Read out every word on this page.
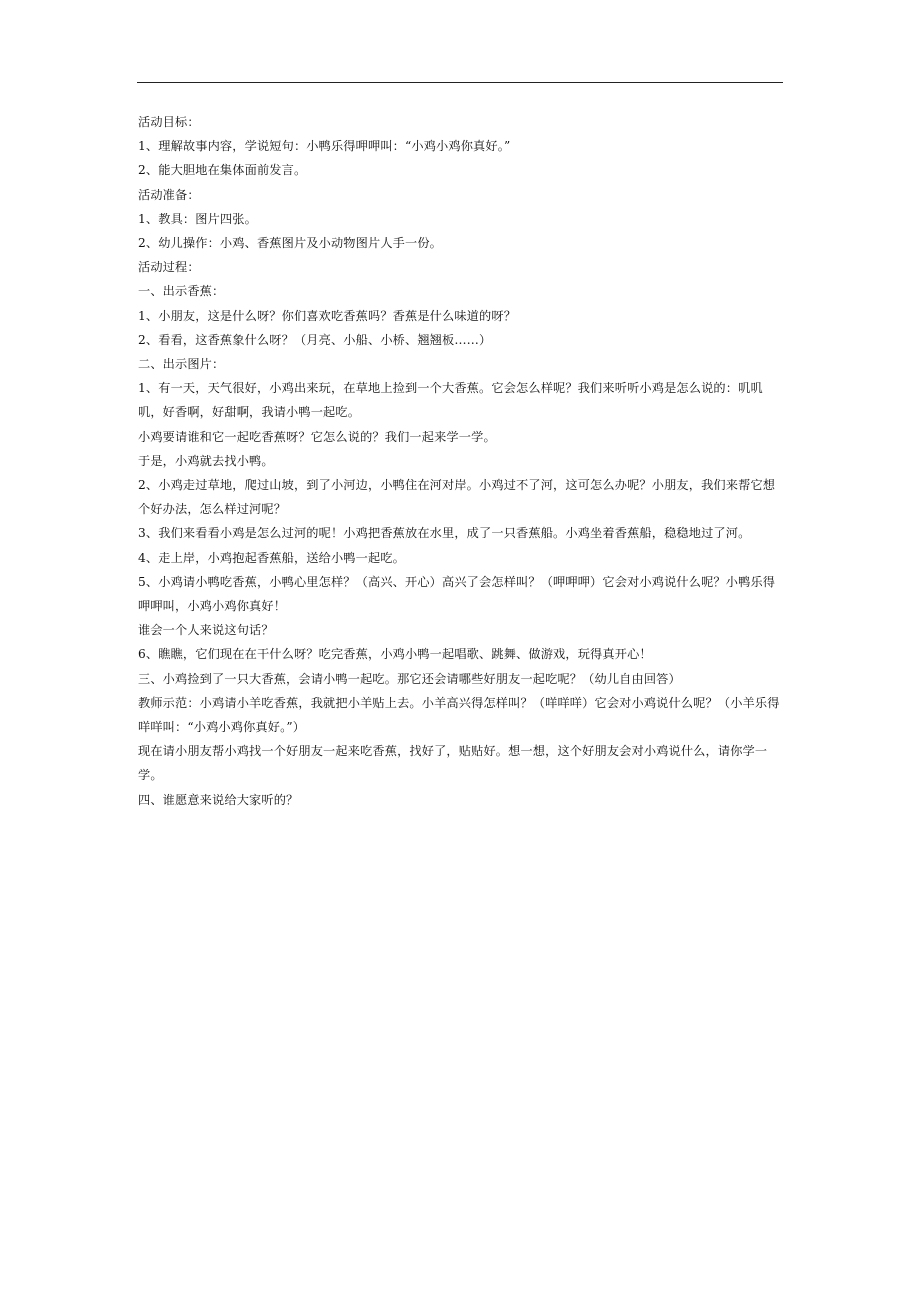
活动目标：

1、理解故事内容，学说短句：小鸭乐得呷呷叫：“小鸡小鸡你真好。”

2、能大胆地在集体面前发言。

活动准备：

1、教具：图片四张。

2、幼儿操作：小鸡、香蕉图片及小动物图片人手一份。

活动过程：

一、出示香蕉：

1、小朋友，这是什么呀？你们喜欢吃香蕉吗？香蕉是什么味道的呀？

2、看看，这香蕉象什么呀？（月亮、小船、小桥、翘翘板……）

二、出示图片：

1、有一天，天气很好，小鸡出来玩，在草地上捡到一个大香蕉。它会怎么样呢？我们来听听小鸡是怎么说的：叽叽叽，好香啊，好甜啊，我请小鸭一起吃。

小鸡要请谁和它一起吃香蕉呀？它怎么说的？我们一起来学一学。

于是，小鸡就去找小鸭。

2、小鸡走过草地，爬过山坡，到了小河边，小鸭住在河对岸。小鸡过不了河，这可怎么办呢？小朋友，我们来帮它想个好办法，怎么样过河呢？

3、我们来看看小鸡是怎么过河的呢！小鸡把香蕉放在水里，成了一只香蕉船。小鸡坐着香蕉船，稳稳地过了河。

4、走上岸，小鸡抱起香蕉船，送给小鸭一起吃。

5、小鸡请小鸭吃香蕉，小鸭心里怎样？（高兴、开心）高兴了会怎样叫？（呷呷呷）它会对小鸡说什么呢？小鸭乐得呷呷叫，小鸡小鸡你真好！

谁会一个人来说这句话？

6、瞧瞧，它们现在在干什么呀？吃完香蕉，小鸡小鸭一起唱歌、跳舞、做游戏，玩得真开心！

三、小鸡捡到了一只大香蕉，会请小鸭一起吃。那它还会请哪些好朋友一起吃呢？（幼儿自由回答）

教师示范：小鸡请小羊吃香蕉，我就把小羊贴上去。小羊高兴得怎样叫？（咩咩咩）它会对小鸡说什么呢？（小羊乐得咩咩叫：“小鸡小鸡你真好。”）

现在请小朋友帮小鸡找一个好朋友一起来吃香蕉，找好了，贴贴好。想一想，这个好朋友会对小鸡说什么，请你学一学。

四、谁愿意来说给大家听的？
